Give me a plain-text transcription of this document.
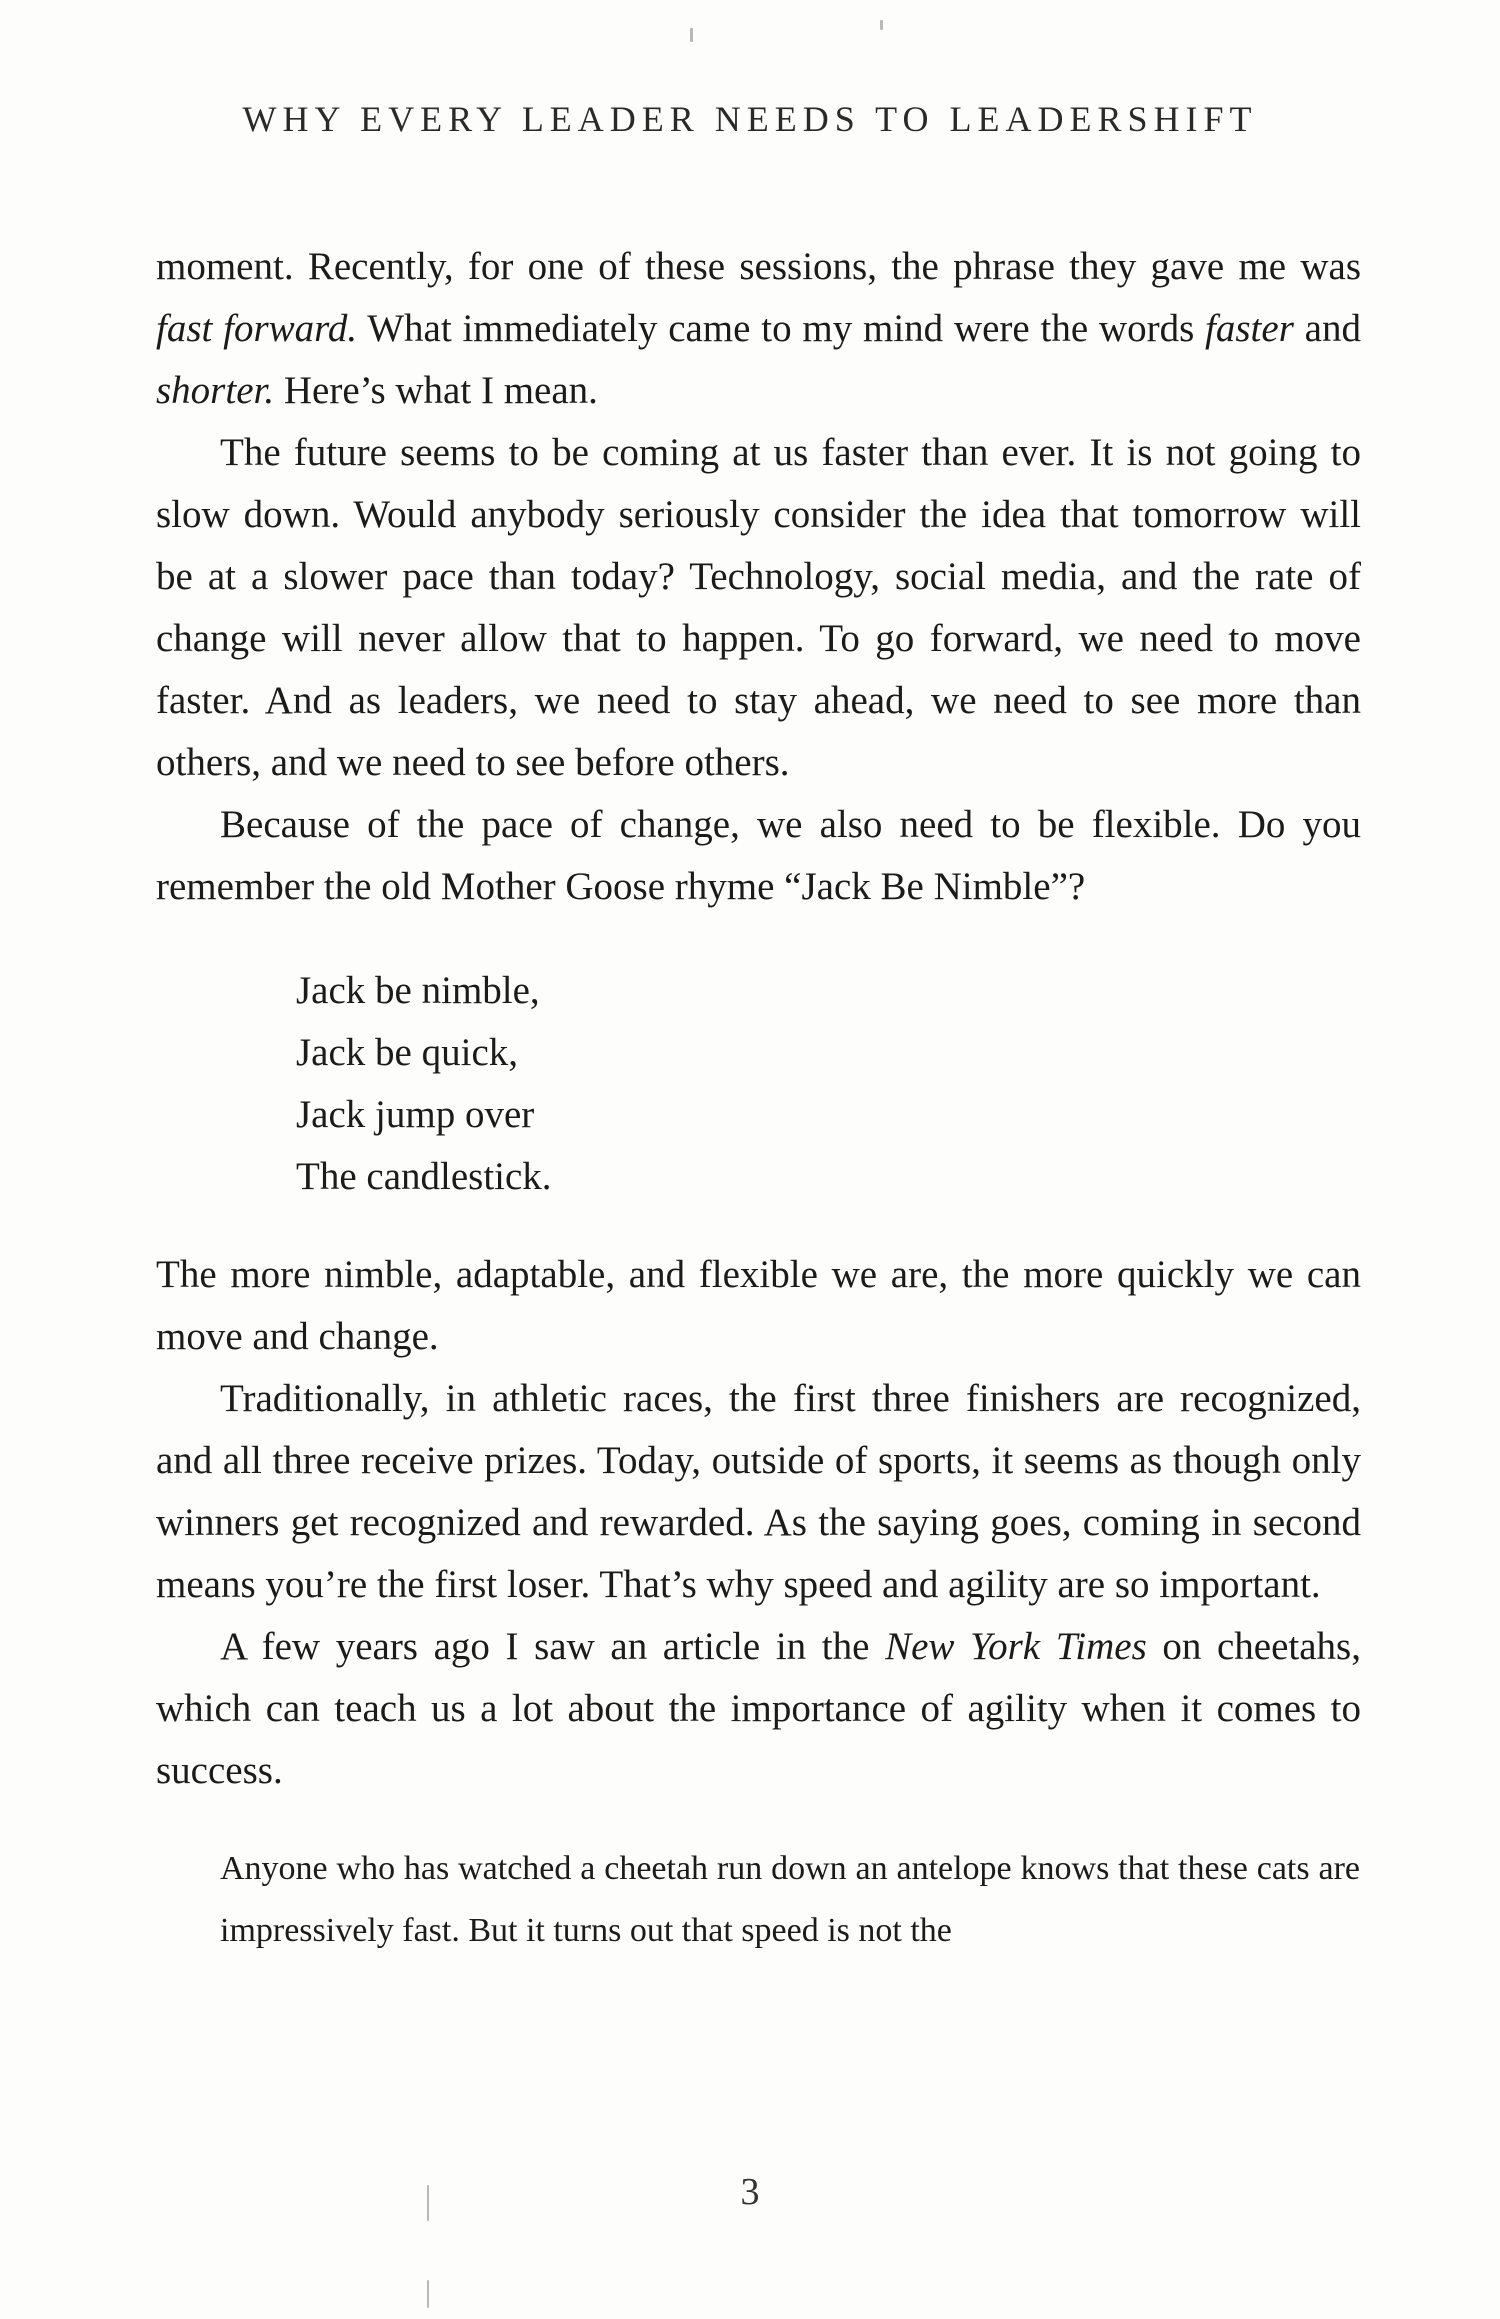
WHY EVERY LEADER NEEDS TO LEADERSHIFT

moment. Recently, for one of these sessions, the phrase they gave me was fast forward. What immediately came to my mind were the words faster and shorter. Here’s what I mean.

The future seems to be coming at us faster than ever. It is not going to slow down. Would anybody seriously consider the idea that tomorrow will be at a slower pace than today? Technology, social media, and the rate of change will never allow that to happen. To go forward, we need to move faster. And as leaders, we need to stay ahead, we need to see more than others, and we need to see before others.

Because of the pace of change, we also need to be flexible. Do you remember the old Mother Goose rhyme “Jack Be Nimble”?

Jack be nimble,
Jack be quick,
Jack jump over
The candlestick.

The more nimble, adaptable, and flexible we are, the more quickly we can move and change.

Traditionally, in athletic races, the first three finishers are recognized, and all three receive prizes. Today, outside of sports, it seems as though only winners get recognized and rewarded. As the saying goes, coming in second means you’re the first loser. That’s why speed and agility are so important.

A few years ago I saw an article in the New York Times on cheetahs, which can teach us a lot about the importance of agility when it comes to success.

Anyone who has watched a cheetah run down an antelope knows that these cats are impressively fast. But it turns out that speed is not the
3
